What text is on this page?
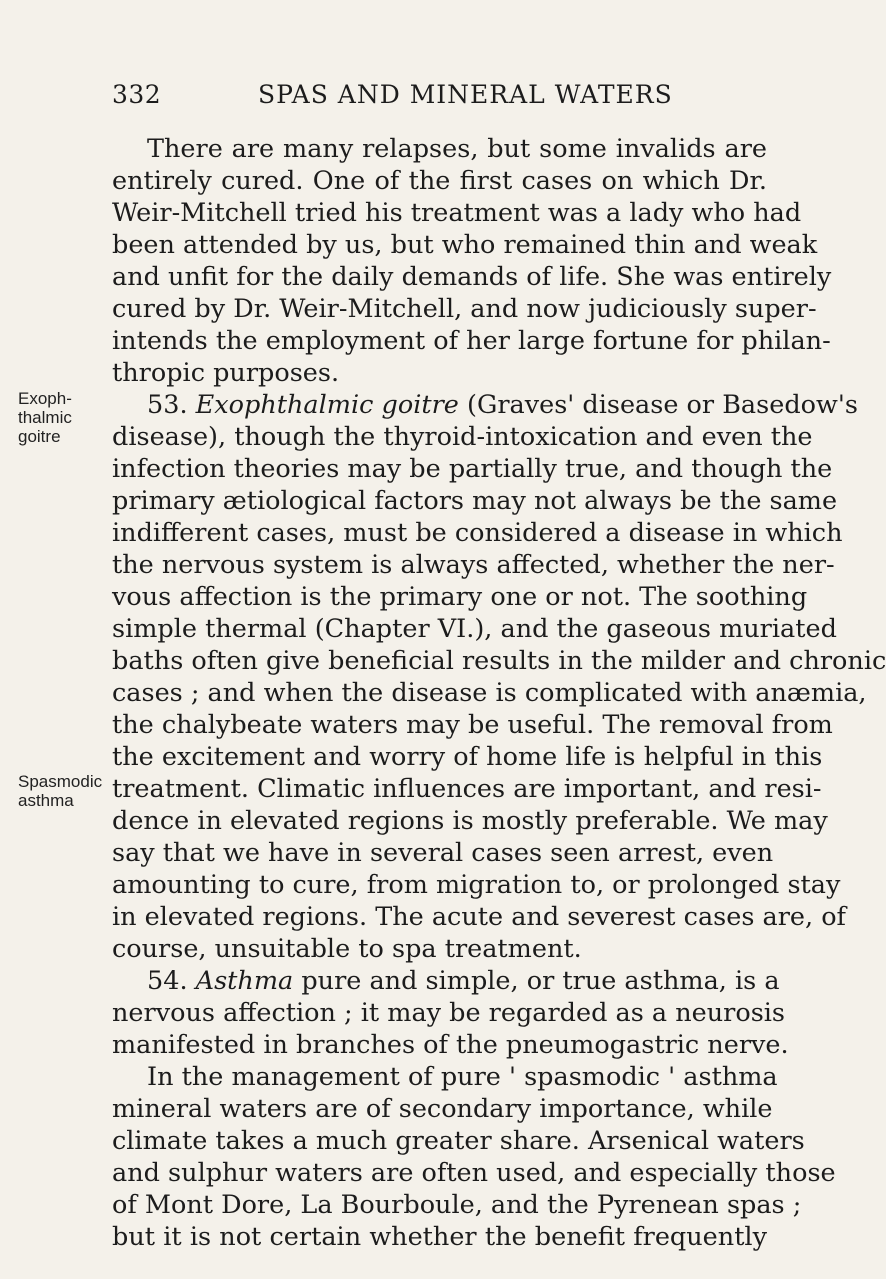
332	SPAS AND MINERAL WATERS
Exoph-
thalmic
goitre
Spasmodic
asthma
There are many relapses, but some invalids are
entirely cured. One of the first cases on which Dr.
Weir-Mitchell tried his treatment was a lady who had
been attended by us, but who remained thin and weak
and unfit for the daily demands of life. She was entirely
cured by Dr. Weir-Mitchell, and now judiciously super-
intends the employment of her large fortune for philan-
thropic purposes.
53. Exophthalmic goitre (Graves' disease or Basedow's
disease), though the thyroid-intoxication and even the
infection theories may be partially true, and though the
primary ætiological factors may not always be the same
indifferent cases, must be considered a disease in which
the nervous system is always affected, whether the ner-
vous affection is the primary one or not. The soothing
simple thermal (Chapter VI.), and the gaseous muriated
baths often give beneficial results in the milder and chronic
cases ; and when the disease is complicated with anæmia,
the chalybeate waters may be useful. The removal from
the excitement and worry of home life is helpful in this
treatment. Climatic influences are important, and resi-
dence in elevated regions is mostly preferable. We may
say that we have in several cases seen arrest, even
amounting to cure, from migration to, or prolonged stay
in elevated regions. The acute and severest cases are, of
course, unsuitable to spa treatment.
54. Asthma pure and simple, or true asthma, is a
nervous affection ; it may be regarded as a neurosis
manifested in branches of the pneumogastric nerve.
In the management of pure ' spasmodic ' asthma
mineral waters are of secondary importance, while
climate takes a much greater share. Arsenical waters
and sulphur waters are often used, and especially those
of Mont Dore, La Bourboule, and the Pyrenean spas ;
but it is not certain whether the benefit frequently
